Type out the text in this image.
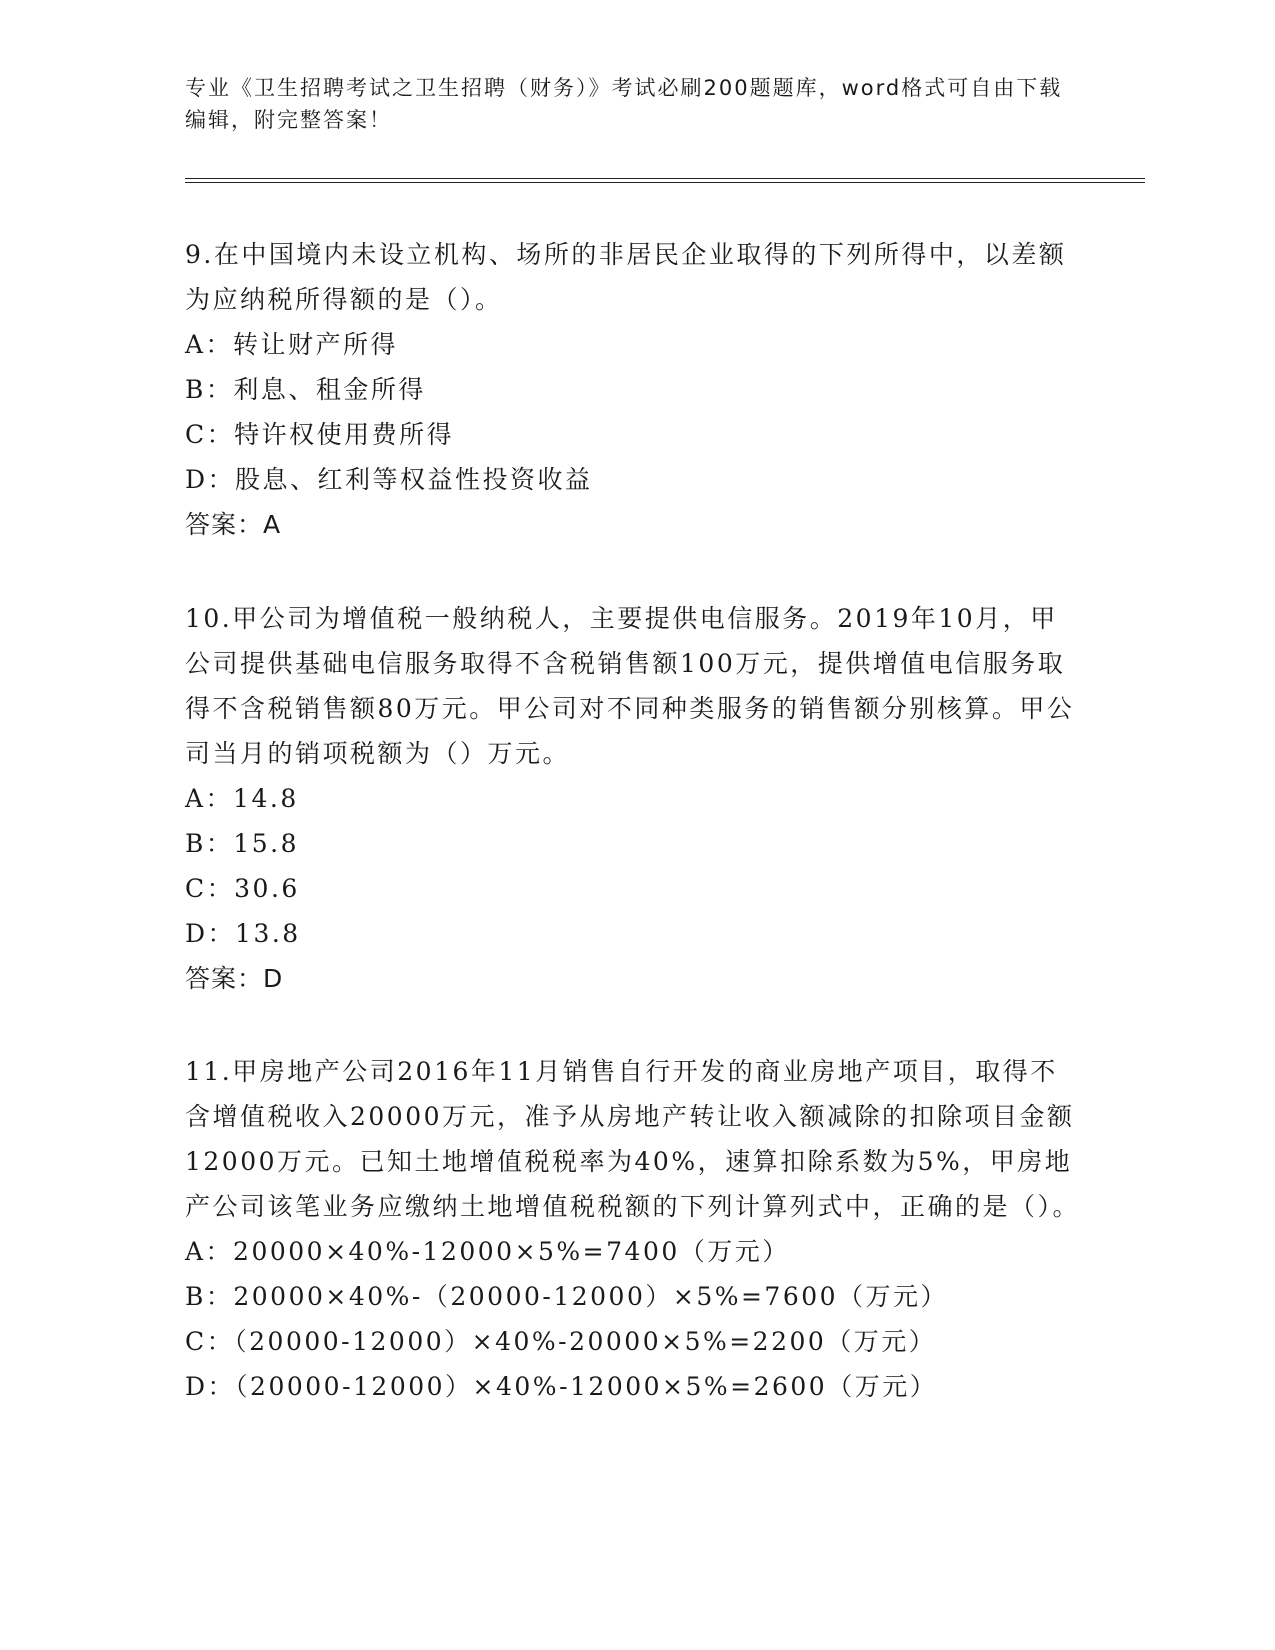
专业《卫生招聘考试之卫生招聘（财务）》考试必刷200题题库，word格式可自由下载编辑，附完整答案！

9.在中国境内未设立机构、场所的非居民企业取得的下列所得中，以差额为应纳税所得额的是（）。

A：转让财产所得

B：利息、租金所得

C：特许权使用费所得

D：股息、红利等权益性投资收益

答案：A

10.甲公司为增值税一般纳税人，主要提供电信服务。2019年10月，甲公司提供基础电信服务取得不含税销售额100万元，提供增值电信服务取得不含税销售额80万元。甲公司对不同种类服务的销售额分别核算。甲公司当月的销项税额为（）万元。

A：14.8

B：15.8

C：30.6

D：13.8

答案：D

11.甲房地产公司2016年11月销售自行开发的商业房地产项目，取得不含增值税收入20000万元，准予从房地产转让收入额减除的扣除项目金额12000万元。已知土地增值税税率为40%，速算扣除系数为5%，甲房地产公司该笔业务应缴纳土地增值税税额的下列计算列式中，正确的是（）。

A：20000×40%-12000×5%=7400（万元）

B：20000×40%-（20000-12000）×5%=7600（万元）

C：（20000-12000）×40%-20000×5%=2200（万元）

D：（20000-12000）×40%-12000×5%=2600（万元）
